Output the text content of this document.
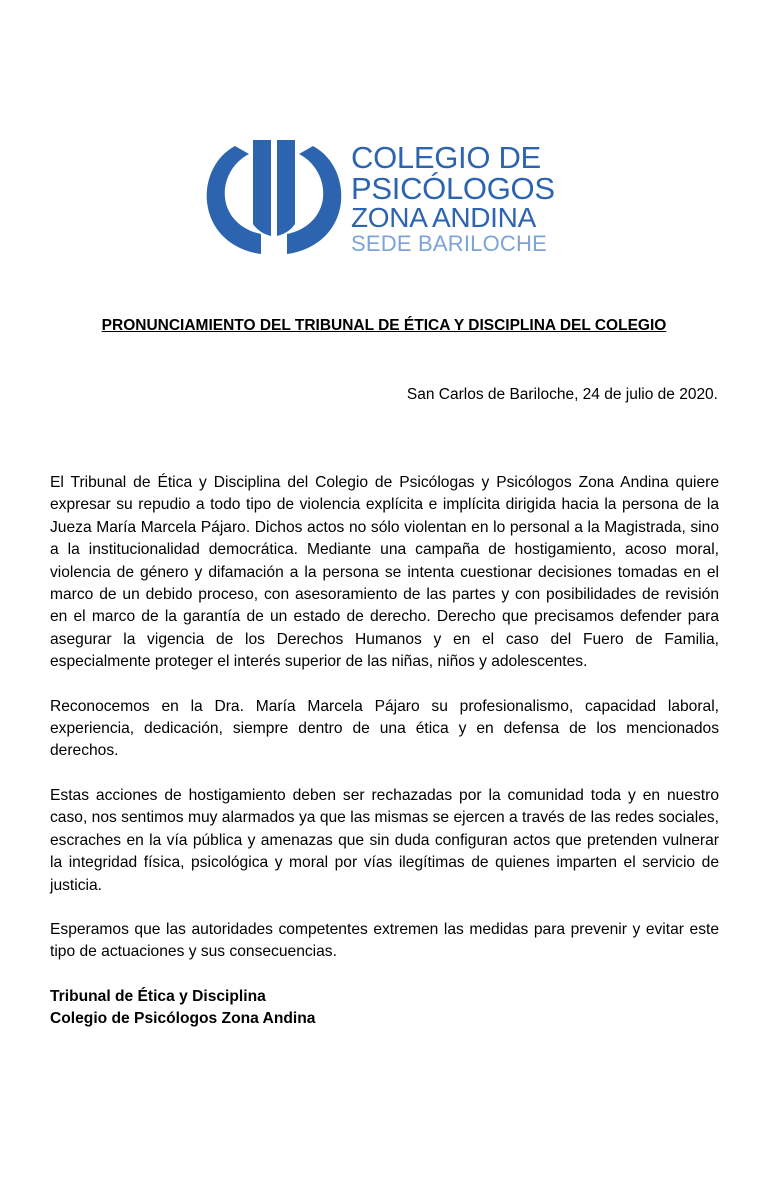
COLEGIO DE
PSICÓLOGOS
ZONA ANDINA
SEDE BARILOCHE
PRONUNCIAMIENTO DEL TRIBUNAL DE ÉTICA Y DISCIPLINA DEL COLEGIO
San Carlos de Bariloche, 24 de julio de 2020.

El Tribunal de Ética y Disciplina del Colegio de Psicólogas y Psicólogos Zona Andina quiere expresar su repudio a todo tipo de violencia explícita e implícita dirigida hacia la persona de la Jueza María Marcela Pájaro. Dichos actos no sólo violentan en lo personal a la Magistrada, sino a la institucionalidad democrática. Mediante una campaña de hostigamiento, acoso moral, violencia de género y difamación a la persona se intenta cuestionar decisiones tomadas en el marco de un debido proceso, con asesoramiento de las partes y con posibilidades de revisión en el marco de la garantía de un estado de derecho. Derecho que precisamos defender para asegurar la vigencia de los Derechos Humanos y en el caso del Fuero de Familia, especialmente proteger el interés superior de las niñas, niños y adolescentes.

Reconocemos en la Dra. María Marcela Pájaro su profesionalismo, capacidad laboral, experiencia, dedicación, siempre dentro de una ética y en defensa de los mencionados derechos.

Estas acciones de hostigamiento deben ser rechazadas por la comunidad toda y en nuestro caso, nos sentimos muy alarmados ya que las mismas se ejercen a través de las redes sociales, escraches en la vía pública y amenazas que sin duda configuran actos que pretenden vulnerar la integridad física, psicológica y moral por vías ilegítimas de quienes imparten el servicio de justicia.

Esperamos que las autoridades competentes extremen las medidas para prevenir y evitar este tipo de actuaciones y sus consecuencias.

Tribunal de Ética y Disciplina
Colegio de Psicólogos Zona Andina
